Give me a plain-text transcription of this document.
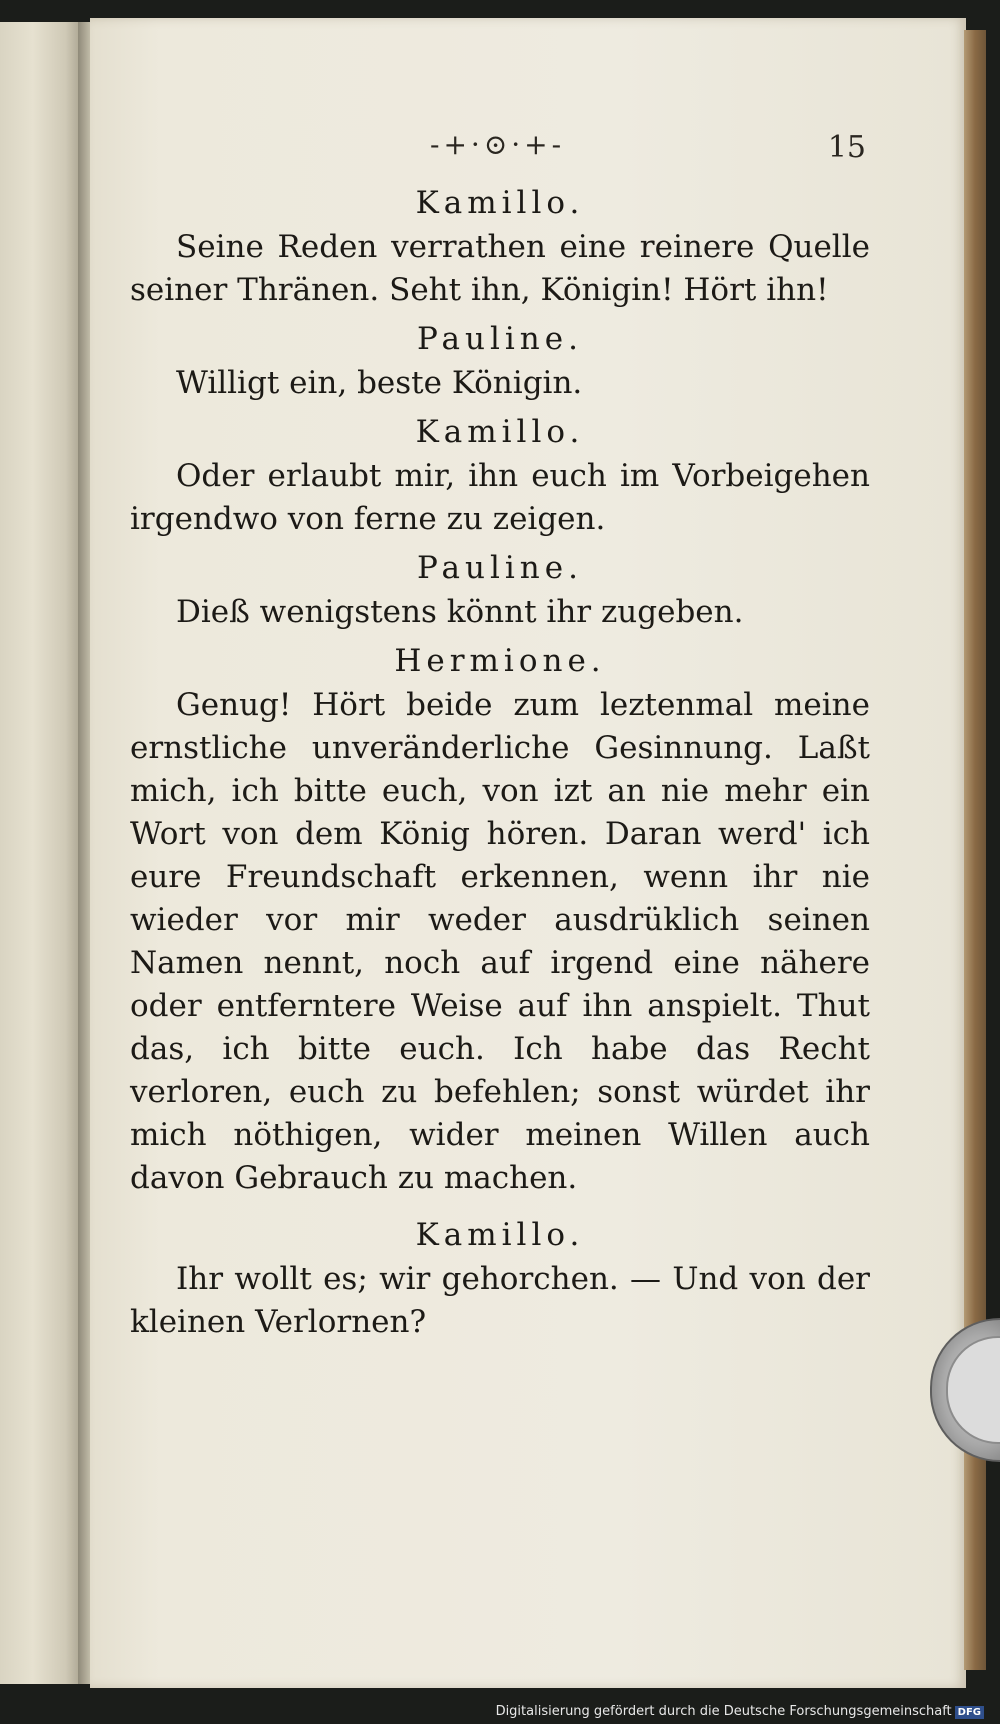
-+·⊙·+-	15

Kamillo.

Seine Reden verrathen eine reinere Quelle seiner Thränen. Seht ihn, Königin! Hört ihn!

Pauline.

Willigt ein, beste Königin.

Kamillo.

Oder erlaubt mir, ihn euch im Vorbeigehen irgendwo von ferne zu zeigen.

Pauline.

Dieß wenigstens könnt ihr zugeben.

Hermione.

Genug! Hört beide zum leztenmal meine ernstliche unveränderliche Gesinnung. Laßt mich, ich bitte euch, von izt an nie mehr ein Wort von dem König hören. Daran werd' ich eure Freundschaft erkennen, wenn ihr nie wieder vor mir weder ausdrüklich seinen Namen nennt, noch auf irgend eine nähere oder entferntere Weise auf ihn anspielt. Thut das, ich bitte euch. Ich habe das Recht verloren, euch zu befehlen; sonst würdet ihr mich nöthigen, wider meinen Willen auch davon Gebrauch zu machen.

Kamillo.

Ihr wollt es; wir gehorchen. — Und von der kleinen Verlornen?

Digitalisierung gefördert durch die Deutsche Forschungsgemeinschaft DFG
